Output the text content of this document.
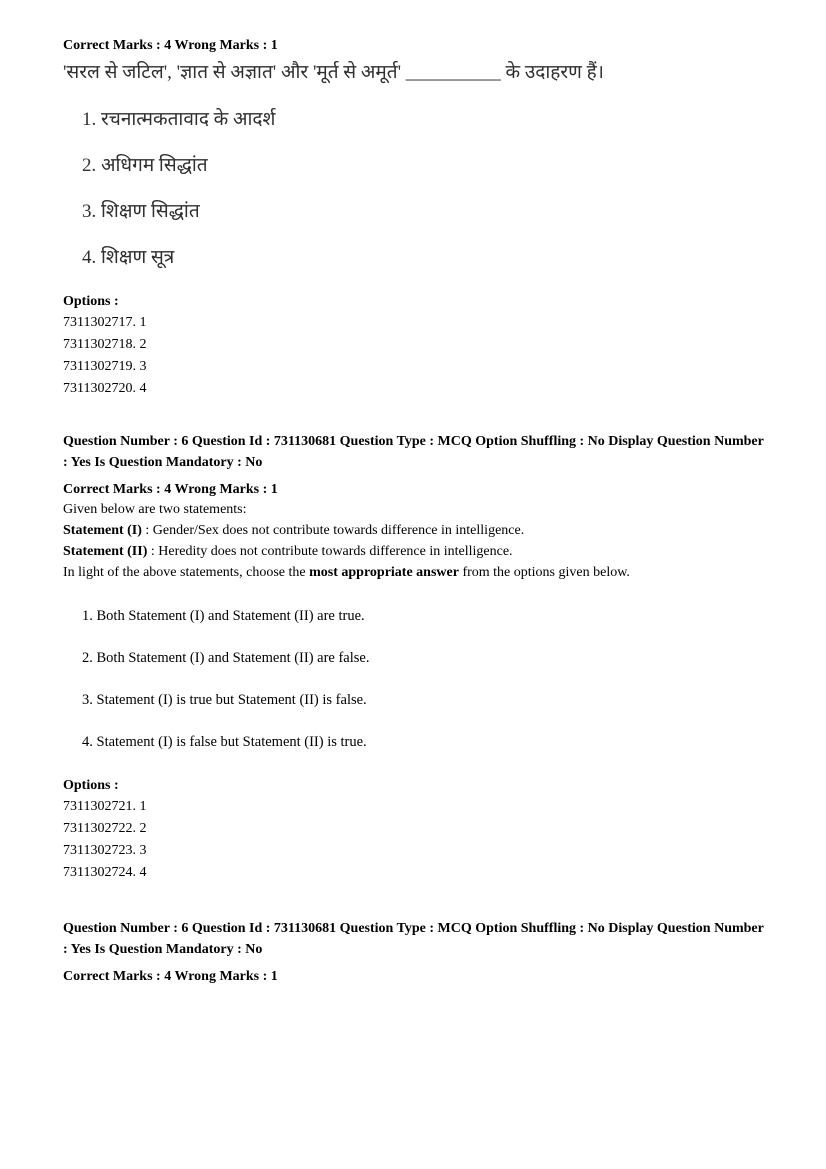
Correct Marks : 4 Wrong Marks : 1

'सरल से जटिल', 'ज्ञात से अज्ञात' और 'मूर्त से अमूर्त' __________ के उदाहरण हैं।

1. रचनात्मकतावाद के आदर्श
2. अधिगम सिद्धांत
3. शिक्षण सिद्धांत
4. शिक्षण सूत्र

Options :

7311302717. 1

7311302718. 2

7311302719. 3

7311302720. 4

Question Number : 6 Question Id : 731130681 Question Type : MCQ Option Shuffling : No Display Question Number : Yes Is Question Mandatory : No

Correct Marks : 4 Wrong Marks : 1

Given below are two statements:

Statement (I) : Gender/Sex does not contribute towards difference in intelligence.

Statement (II) : Heredity does not contribute towards difference in intelligence.

In light of the above statements, choose the most appropriate answer from the options given below.

1. Both Statement (I) and Statement (II) are true.
2. Both Statement (I) and Statement (II) are false.
3. Statement (I) is true but Statement (II) is false.
4. Statement (I) is false but Statement (II) is true.

Options :

7311302721. 1

7311302722. 2

7311302723. 3

7311302724. 4

Question Number : 6 Question Id : 731130681 Question Type : MCQ Option Shuffling : No Display Question Number : Yes Is Question Mandatory : No

Correct Marks : 4 Wrong Marks : 1
